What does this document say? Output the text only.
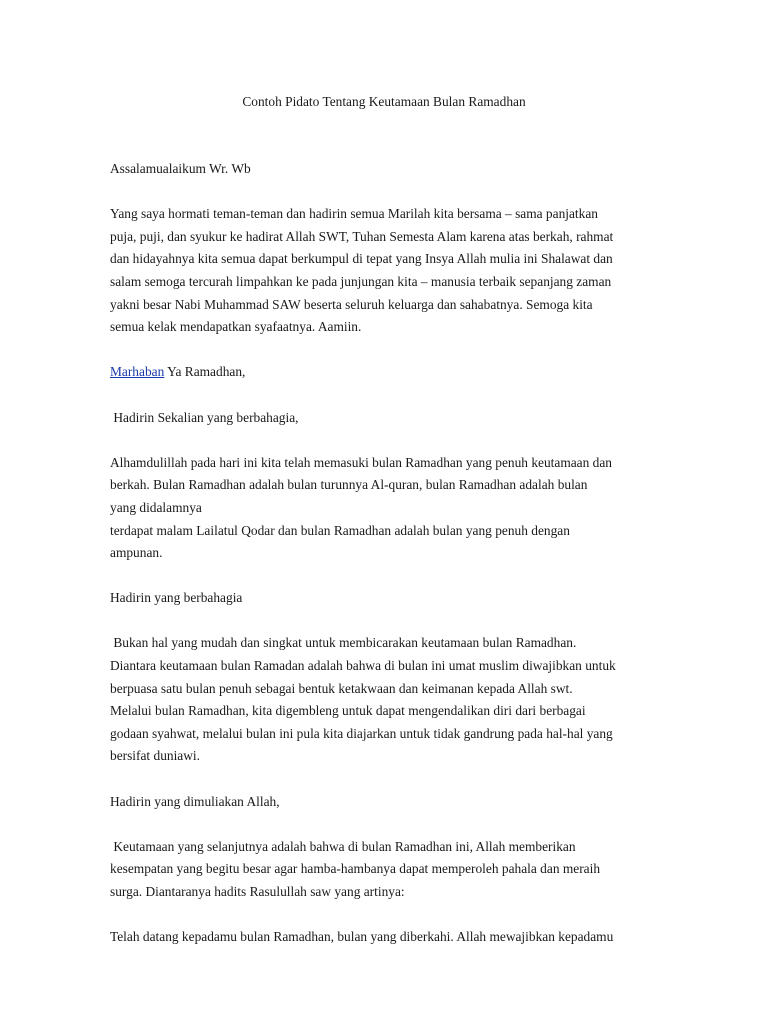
Contoh Pidato Tentang Keutamaan Bulan Ramadhan

Assalamualaikum Wr. Wb

Yang saya hormati teman-teman dan hadirin semua Marilah kita bersama – sama panjatkan
puja, puji, dan syukur ke hadirat Allah SWT, Tuhan Semesta Alam karena atas berkah, rahmat
dan hidayahnya kita semua dapat berkumpul di tepat yang Insya Allah mulia ini Shalawat dan
salam semoga tercurah limpahkan ke pada junjungan kita – manusia terbaik sepanjang zaman
yakni besar Nabi Muhammad SAW beserta seluruh keluarga dan sahabatnya. Semoga kita
semua kelak mendapatkan syafaatnya. Aamiin.

Marhaban Ya Ramadhan,

Hadirin Sekalian yang berbahagia,

Alhamdulillah pada hari ini kita telah memasuki bulan Ramadhan yang penuh keutamaan dan
berkah. Bulan Ramadhan adalah bulan turunnya Al-quran, bulan Ramadhan adalah bulan
yang didalamnya
terdapat malam Lailatul Qodar dan bulan Ramadhan adalah bulan yang penuh dengan
ampunan.

Hadirin yang berbahagia

Bukan hal yang mudah dan singkat untuk membicarakan keutamaan bulan Ramadhan.
Diantara keutamaan bulan Ramadan adalah bahwa di bulan ini umat muslim diwajibkan untuk
berpuasa satu bulan penuh sebagai bentuk ketakwaan dan keimanan kepada Allah swt.
Melalui bulan Ramadhan, kita digembleng untuk dapat mengendalikan diri dari berbagai
godaan syahwat, melalui bulan ini pula kita diajarkan untuk tidak gandrung pada hal-hal yang
bersifat duniawi.

Hadirin yang dimuliakan Allah,

Keutamaan yang selanjutnya adalah bahwa di bulan Ramadhan ini, Allah memberikan
kesempatan yang begitu besar agar hamba-hambanya dapat memperoleh pahala dan meraih
surga. Diantaranya hadits Rasulullah saw yang artinya:

Telah datang kepadamu bulan Ramadhan, bulan yang diberkahi. Allah mewajibkan kepadamu
